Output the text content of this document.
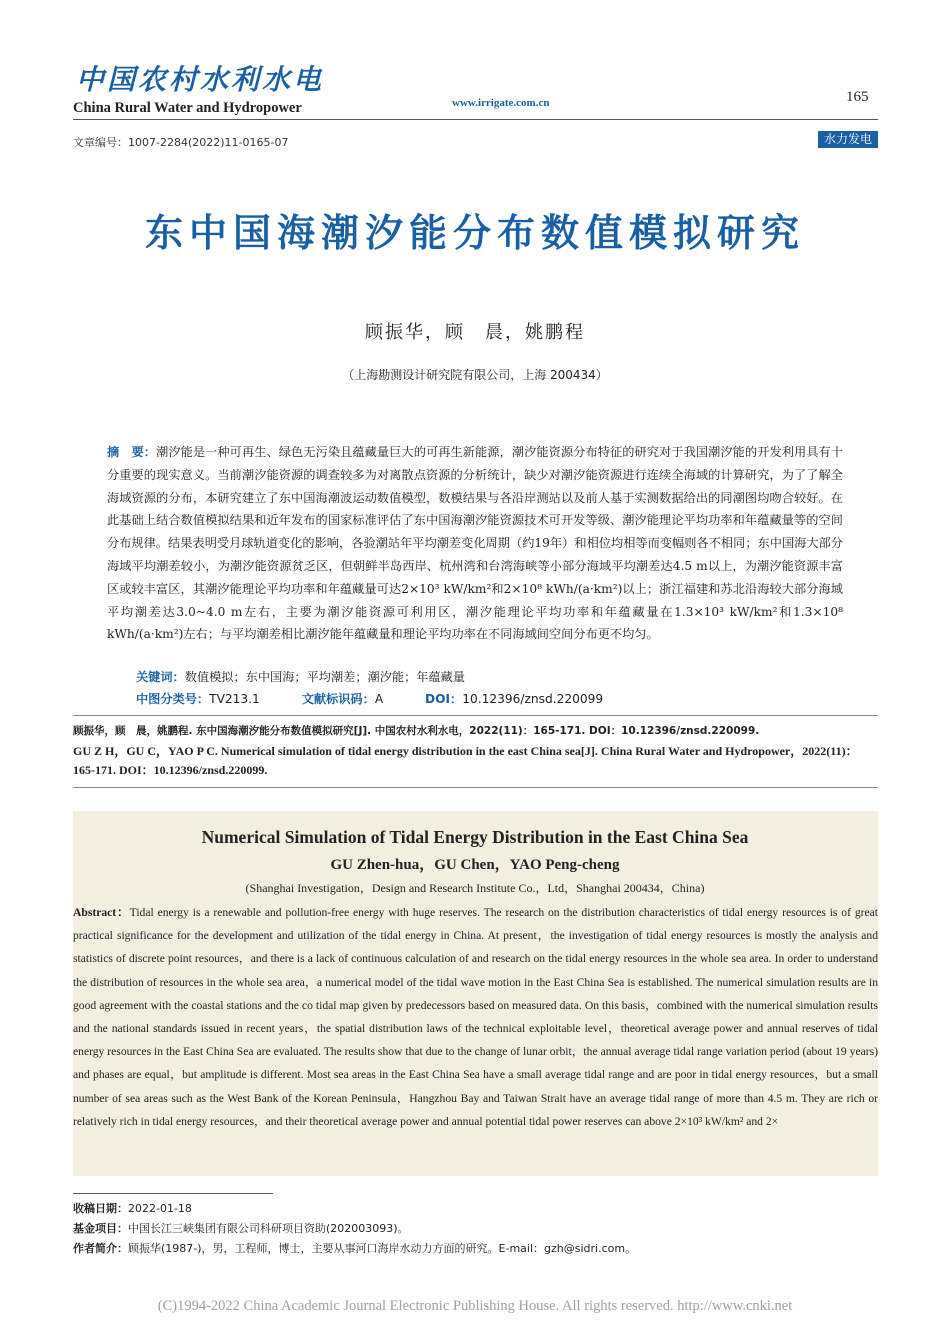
中国农村水利水电
China Rural Water and Hydropower	www.irrigate.com.cn	165
文章编号：1007-2284(2022)11-0165-07	水力发电
东中国海潮汐能分布数值模拟研究
顾振华，顾　晨，姚鹏程
（上海勘测设计研究院有限公司，上海 200434）
摘　要：潮汐能是一种可再生、绿色无污染且蕴藏量巨大的可再生新能源，潮汐能资源分布特征的研究对于我国潮汐能的开发利用具有十分重要的现实意义。当前潮汐能资源的调查较多为对离散点资源的分析统计，缺少对潮汐能资源进行连续全海域的计算研究，为了了解全海域资源的分布，本研究建立了东中国海潮波运动数值模型，数模结果与各沿岸测站以及前人基于实测数据给出的同潮图均吻合较好。在此基础上结合数值模拟结果和近年发布的国家标准评估了东中国海潮汐能资源技术可开发等级、潮汐能理论平均功率和年蕴藏量等的空间分布规律。结果表明受月球轨道变化的影响，各验潮站年平均潮差变化周期（约19年）和相位均相等而变幅则各不相同；东中国海大部分海域平均潮差较小，为潮汐能资源贫乏区，但朝鲜半岛西岸、杭州湾和台湾海峡等小部分海域平均潮差达4.5 m以上，为潮汐能资源丰富区或较丰富区，其潮汐能理论平均功率和年蕴藏量可达2×10³ kW/km²和2×10⁸ kWh/(a·km²)以上；浙江福建和苏北沿海较大部分海域平均潮差达3.0~4.0 m左右，主要为潮汐能资源可利用区，潮汐能理论平均功率和年蕴藏量在1.3×10³ kW/km²和1.3×10⁸ kWh/(a·km²)左右；与平均潮差相比潮汐能年蕴藏量和理论平均功率在不同海域间空间分布更不均匀。
关键词：数值模拟；东中国海；平均潮差；潮汐能；年蕴藏量
中图分类号：TV213.1	文献标识码：A	DOI：10.12396/znsd.220099
顾振华，顾　晨，姚鹏程. 东中国海潮汐能分布数值模拟研究[J]. 中国农村水利水电，2022(11)：165-171. DOI：10.12396/znsd.220099.
GU Z H，GU C，YAO P C. Numerical simulation of tidal energy distribution in the east China sea[J]. China Rural Water and Hydropower，2022(11)：165-171. DOI：10.12396/znsd.220099.
Numerical Simulation of Tidal Energy Distribution in the East China Sea
GU Zhen-hua，GU Chen，YAO Peng-cheng
(Shanghai Investigation，Design and Research Institute Co.，Ltd，Shanghai 200434，China)
Abstract：Tidal energy is a renewable and pollution-free energy with huge reserves. The research on the distribution characteristics of tidal energy resources is of great practical significance for the development and utilization of the tidal energy in China. At present，the investigation of tidal energy resources is mostly the analysis and statistics of discrete point resources，and there is a lack of continuous calculation of and research on the tidal energy resources in the whole sea area. In order to understand the distribution of resources in the whole sea area，a numerical model of the tidal wave motion in the East China Sea is established. The numerical simulation results are in good agreement with the coastal stations and the co tidal map given by predecessors based on measured data. On this basis，combined with the numerical simulation results and the national standards issued in recent years，the spatial distribution laws of the technical exploitable level，theoretical average power and annual reserves of tidal energy resources in the East China Sea are evaluated. The results show that due to the change of lunar orbit，the annual average tidal range variation period (about 19 years) and phases are equal，but amplitude is different. Most sea areas in the East China Sea have a small average tidal range and are poor in tidal energy resources，but a small number of sea areas such as the West Bank of the Korean Peninsula，Hangzhou Bay and Taiwan Strait have an average tidal range of more than 4.5 m. They are rich or relatively rich in tidal energy resources，and their theoretical average power and annual potential tidal power reserves can above 2×10³ kW/km² and 2×
收稿日期：2022-01-18
基金项目：中国长江三峡集团有限公司科研项目资助(202003093)。
作者简介：顾振华(1987-)，男，工程师，博士，主要从事河口海岸水动力方面的研究。E-mail：gzh@sidri.com。
(C)1994-2022 China Academic Journal Electronic Publishing House. All rights reserved. http://www.cnki.net
